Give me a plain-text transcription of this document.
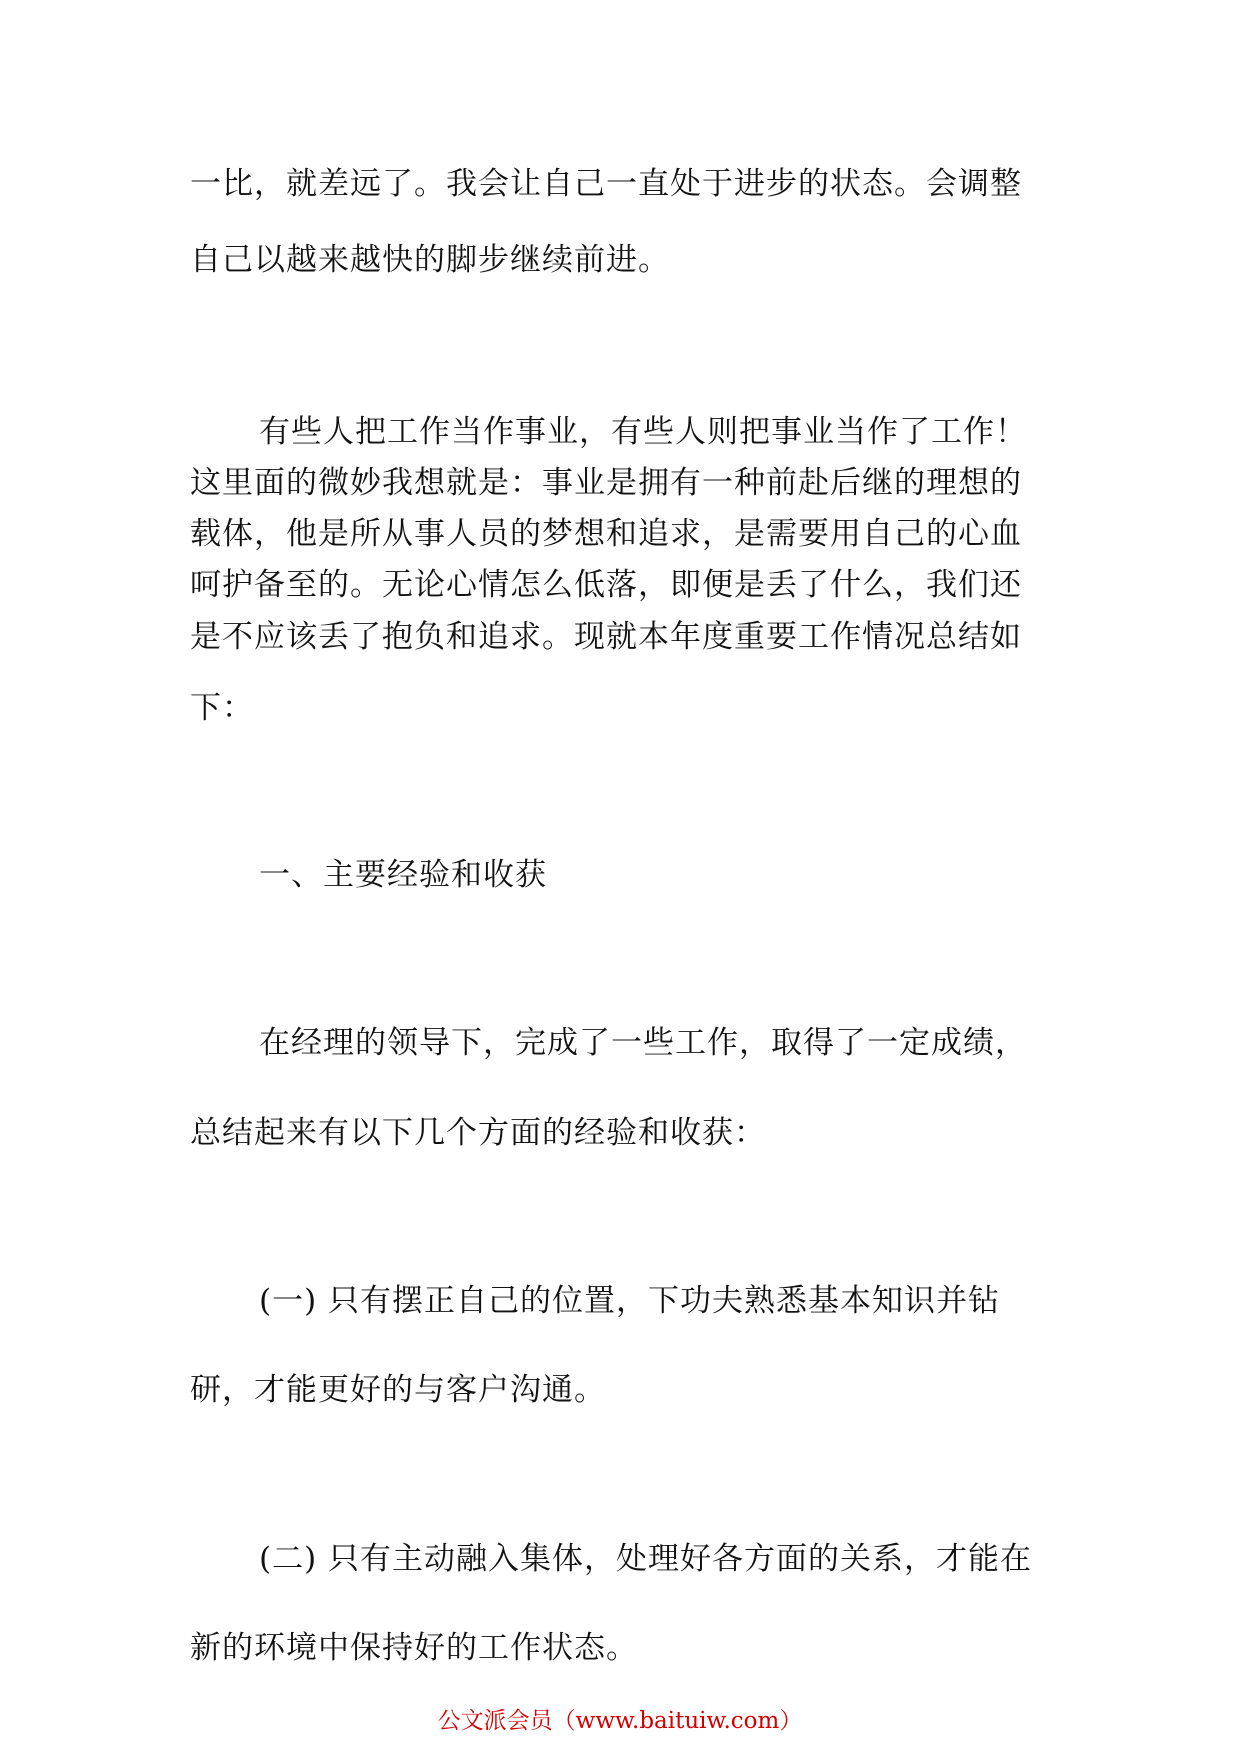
一比，就差远了。我会让自己一直处于进步的状态。会调整
自己以越来越快的脚步继续前进。
有些人把工作当作事业，有些人则把事业当作了工作！
这里面的微妙我想就是：事业是拥有一种前赴后继的理想的
载体，他是所从事人员的梦想和追求，是需要用自己的心血
呵护备至的。无论心情怎么低落，即便是丢了什么，我们还
是不应该丢了抱负和追求。现就本年度重要工作情况总结如
下：
一、主要经验和收获
在经理的领导下，完成了一些工作，取得了一定成绩，
总结起来有以下几个方面的经验和收获：
(一) 只有摆正自己的位置，下功夫熟悉基本知识并钻
研，才能更好的与客户沟通。
(二) 只有主动融入集体，处理好各方面的关系，才能在
新的环境中保持好的工作状态。
公文派会员（www.baituiw.com）
